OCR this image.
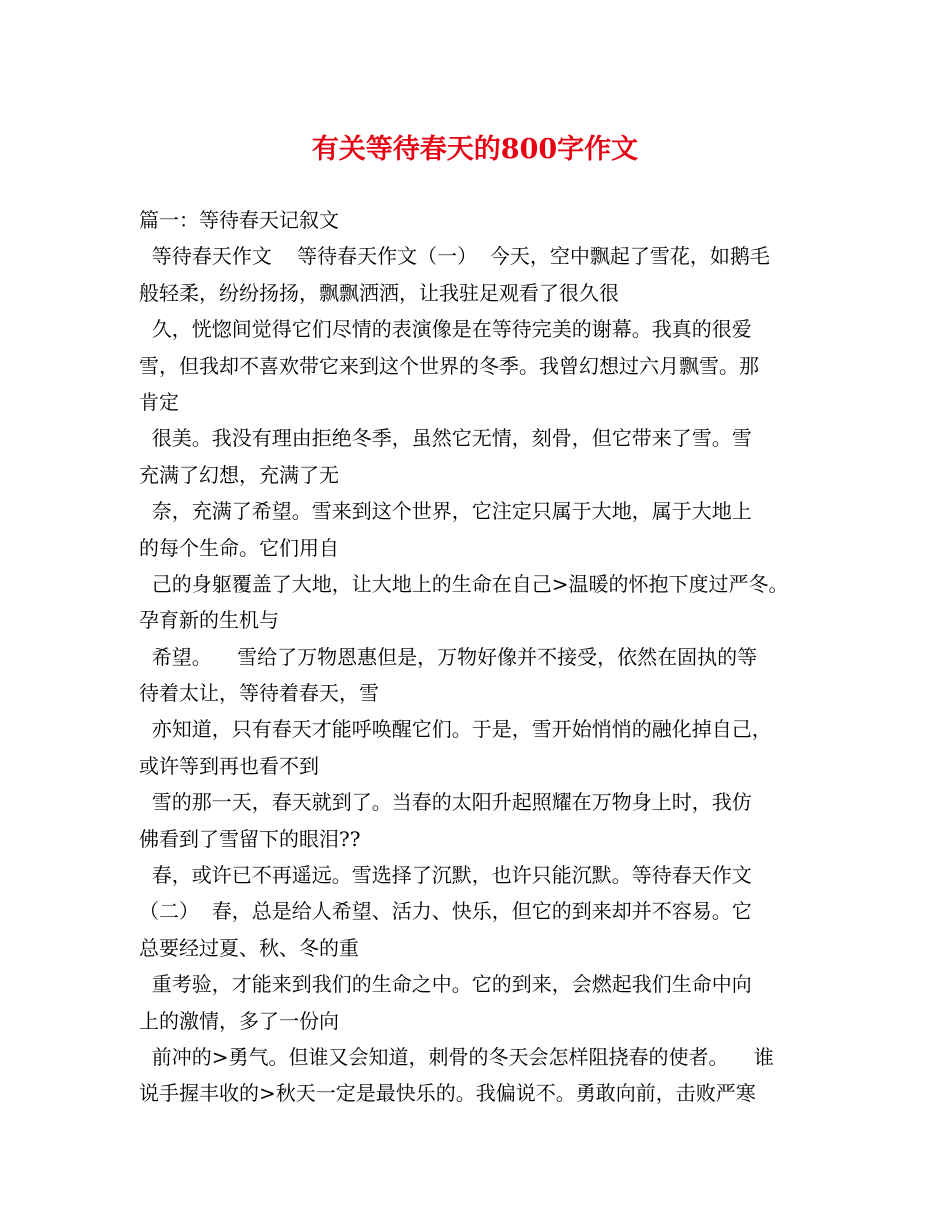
有关等待春天的800字作文
篇一：等待春天记叙文
等待春天作文    等待春天作文（一）  今天，空中飘起了雪花，如鹅毛
般轻柔，纷纷扬扬，飘飘洒洒，让我驻足观看了很久很
久，恍惚间觉得它们尽情的表演像是在等待完美的谢幕。我真的很爱
雪，但我却不喜欢带它来到这个世界的冬季。我曾幻想过六月飘雪。那
肯定
很美。我没有理由拒绝冬季，虽然它无情，刻骨，但它带来了雪。雪
充满了幻想，充满了无
奈，充满了希望。雪来到这个世界，它注定只属于大地，属于大地上
的每个生命。它们用自
己的身躯覆盖了大地，让大地上的生命在自己>温暖的怀抱下度过严冬。
孕育新的生机与
希望。    雪给了万物恩惠但是，万物好像并不接受，依然在固执的等
待着太让，等待着春天，雪
亦知道，只有春天才能呼唤醒它们。于是，雪开始悄悄的融化掉自己，
或许等到再也看不到
雪的那一天，春天就到了。当春的太阳升起照耀在万物身上时，我仿
佛看到了雪留下的眼泪??
春，或许已不再遥远。雪选择了沉默，也许只能沉默。等待春天作文
（二）  春，总是给人希望、活力、快乐，但它的到来却并不容易。它
总要经过夏、秋、冬的重
重考验，才能来到我们的生命之中。它的到来，会燃起我们生命中向
上的激情，多了一份向
前冲的>勇气。但谁又会知道，刺骨的冬天会怎样阻挠春的使者。    谁
说手握丰收的>秋天一定是最快乐的。我偏说不。勇敢向前，击败严寒
